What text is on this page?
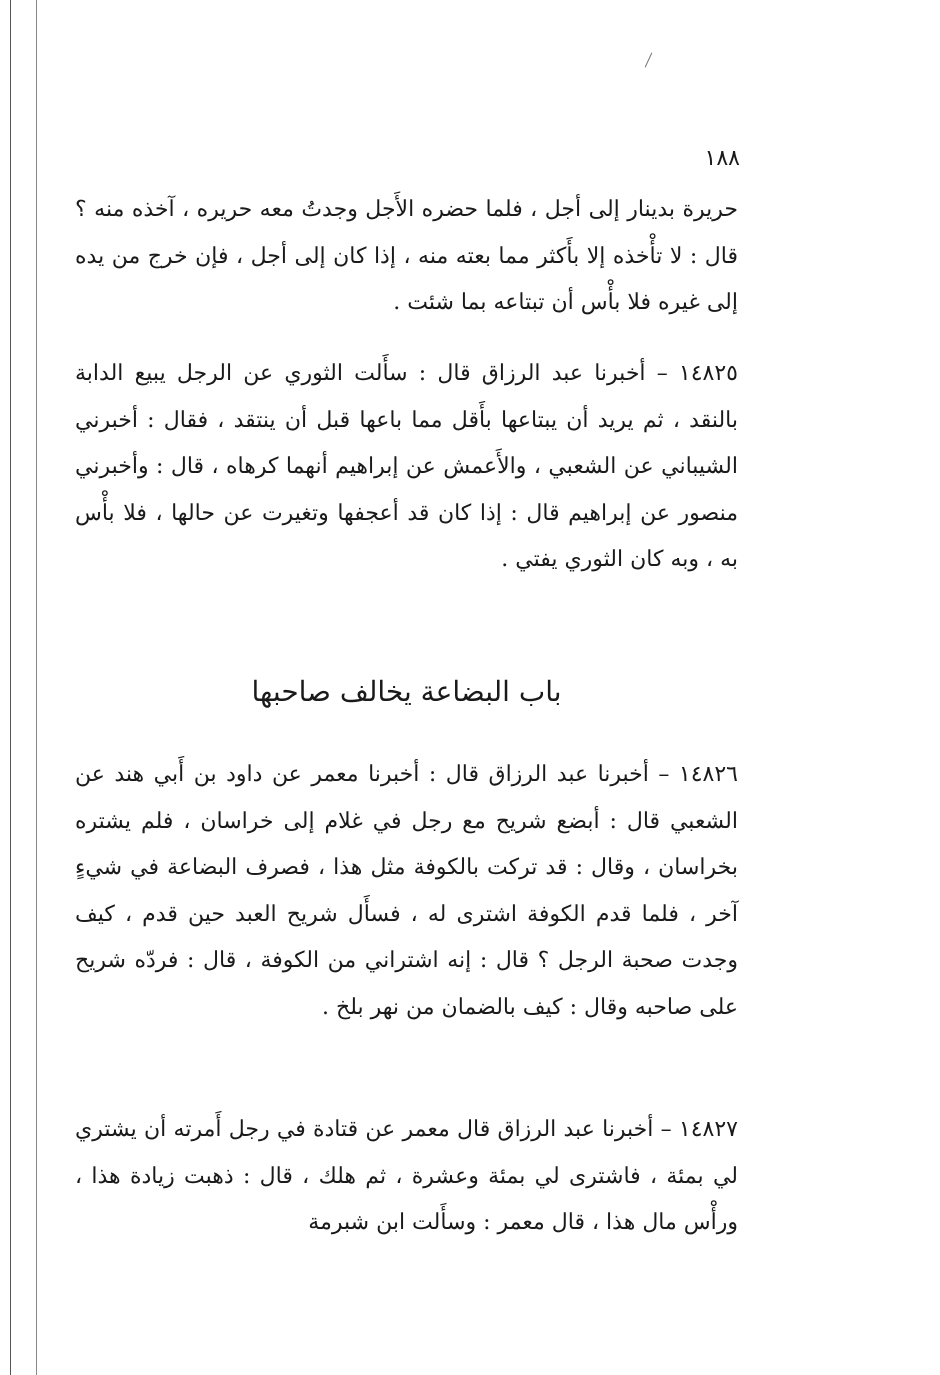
١٨٨
حريرة بدينار إلى أجل ، فلما حضره الأَجل وجدتُ معه حريره ، آخذه منه ؟ قال : لا تأْخذه إلا بأَكثر مما بعته منه ، إذا كان إلى أجل ، فإن خرج من يده إلى غيره فلا بأْس أن تبتاعه بما شئت .
١٤٨٢٥ – أخبرنا عبد الرزاق قال : سأَلت الثوري عن الرجل يبيع الدابة بالنقد ، ثم يريد أن يبتاعها بأَقل مما باعها قبل أن ينتقد ، فقال : أخبرني الشيباني عن الشعبي ، والأَعمش عن إبراهيم أنهما كرهاه ، قال : وأخبرني منصور عن إبراهيم قال : إذا كان قد أعجفها وتغيرت عن حالها ، فلا بأْس به ، وبه كان الثوري يفتي .
باب البضاعة يخالف صاحبها
١٤٨٢٦ – أخبرنا عبد الرزاق قال : أخبرنا معمر عن داود بن أَبي هند عن الشعبي قال : أبضع شريح مع رجل في غلام إلى خراسان ، فلم يشتره بخراسان ، وقال : قد تركت بالكوفة مثل هذا ، فصرف البضاعة في شيءٍ آخر ، فلما قدم الكوفة اشترى له ، فسأَل شريح العبد حين قدم ، كيف وجدت صحبة الرجل ؟ قال : إنه اشتراني من الكوفة ، قال : فردّه شريح على صاحبه وقال : كيف بالضمان من نهر بلخ .
١٤٨٢٧ – أخبرنا عبد الرزاق قال معمر عن قتادة في رجل أَمرته أن يشتري لي بمئة ، فاشترى لي بمئة وعشرة ، ثم هلك ، قال : ذهبت زيادة هذا ، ورأْس مال هذا ، قال معمر : وسأَلت ابن شبرمة
